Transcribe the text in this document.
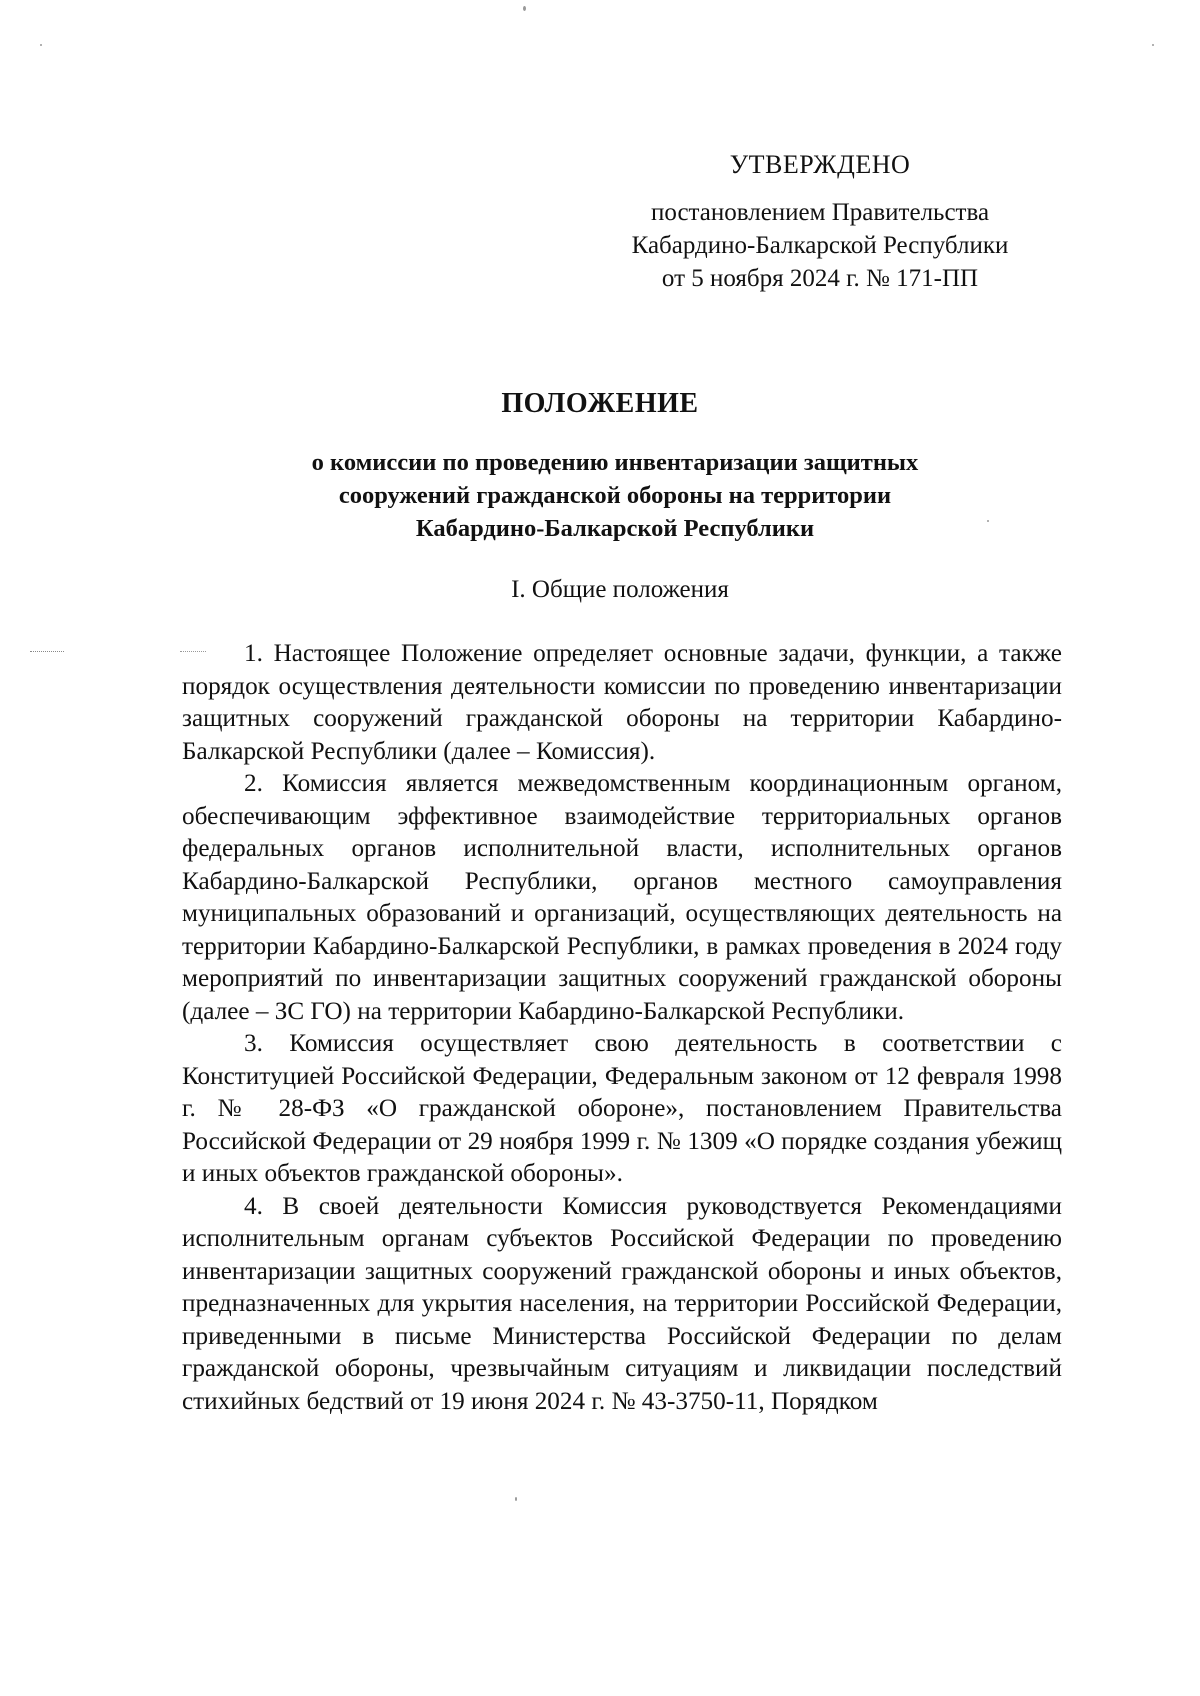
УТВЕРЖДЕНО
постановлением Правительства
Кабардино-Балкарской Республики
от 5 ноября 2024 г. № 171-ПП
ПОЛОЖЕНИЕ
о комиссии по проведению инвентаризации защитных
сооружений гражданской обороны на территории
Кабардино-Балкарской Республики
I. Общие положения

1. Настоящее Положение определяет основные задачи, функции, а также порядок осуществления деятельности комиссии по проведению инвентаризации защитных сооружений гражданской обороны на территории Кабардино-Балкарской Республики (далее – Комиссия).

2. Комиссия является межведомственным координационным органом, обеспечивающим эффективное взаимодействие территориальных органов федеральных органов исполнительной власти, исполнительных органов Кабардино-Балкарской Республики, органов местного самоуправления муниципальных образований и организаций, осуществляющих деятельность на территории Кабардино-Балкарской Республики, в рамках проведения в 2024 году мероприятий по инвентаризации защитных сооружений гражданской обороны (далее – ЗС ГО) на территории Кабардино-Балкарской Республики.

3. Комиссия осуществляет свою деятельность в соответствии с Конституцией Российской Федерации, Федеральным законом от 12 февраля 1998 г. № 28-ФЗ «О гражданской обороне», постановлением Правительства Российской Федерации от 29 ноября 1999 г. № 1309 «О порядке создания убежищ и иных объектов гражданской обороны».

4. В своей деятельности Комиссия руководствуется Рекомендациями исполнительным органам субъектов Российской Федерации по проведению инвентаризации защитных сооружений гражданской обороны и иных объектов, предназначенных для укрытия населения, на территории Российской Федерации, приведенными в письме Министерства Российской Федерации по делам гражданской обороны, чрезвычайным ситуациям и ликвидации последствий стихийных бедствий от 19 июня 2024 г. № 43-3750-11, Порядком
